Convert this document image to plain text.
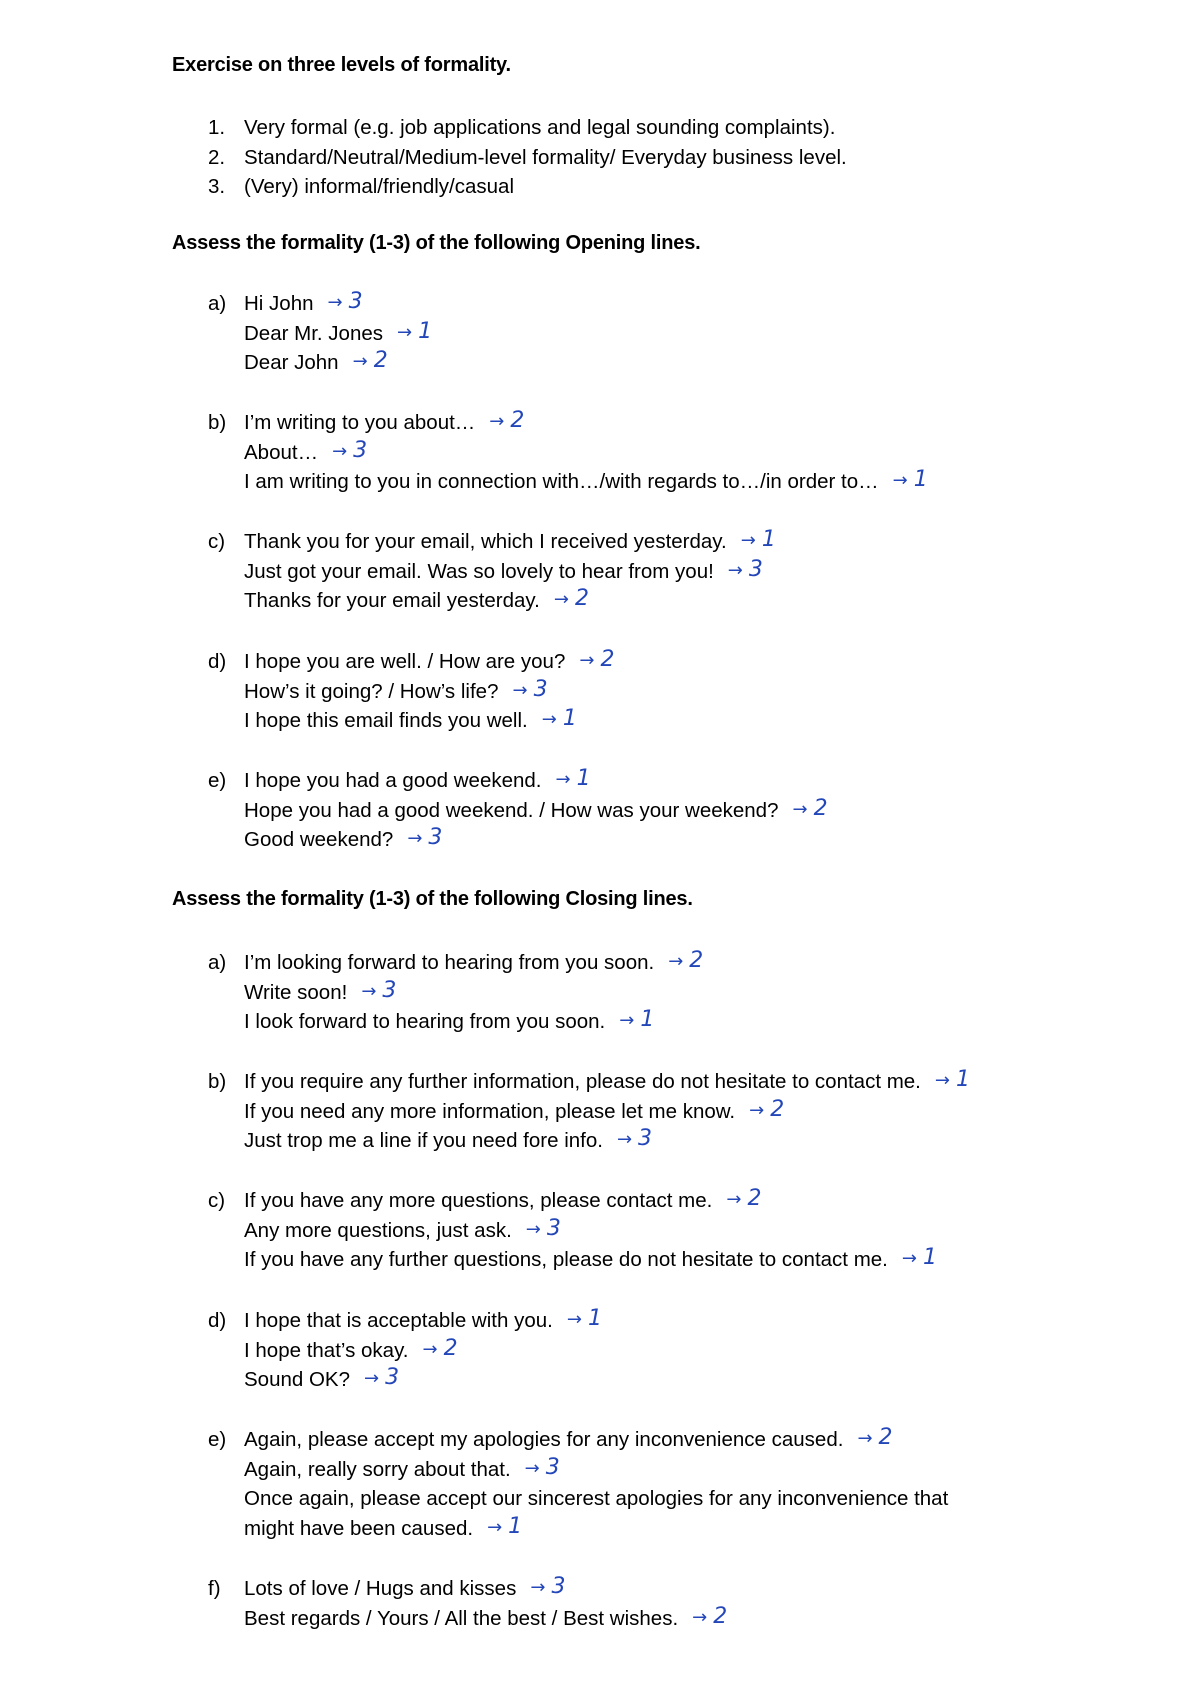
Exercise on three levels of formality.
1. Very formal (e.g. job applications and legal sounding complaints).
2. Standard/Neutral/Medium-level formality/ Everyday business level.
3. (Very) informal/friendly/casual
Assess the formality (1-3) of the following Opening lines.
a) Hi John → 3
Dear Mr. Jones → 1
Dear John → 2
b) I’m writing to you about… → 2
About… → 3
I am writing to you in connection with…/with regards to…/in order to… → 1
c) Thank you for your email, which I received yesterday. → 1
Just got your email. Was so lovely to hear from you! → 3
Thanks for your email yesterday. → 2
d) I hope you are well. / How are you? → 2
How’s it going? / How’s life? → 3
I hope this email finds you well. → 1
e) I hope you had a good weekend. → 1
Hope you had a good weekend. / How was your weekend? → 2
Good weekend? → 3
Assess the formality (1-3) of the following Closing lines.
a) I’m looking forward to hearing from you soon. → 2
Write soon! → 3
I look forward to hearing from you soon. → 1
b) If you require any further information, please do not hesitate to contact me. → 1
If you need any more information, please let me know. → 2
Just trop me a line if you need fore info. → 3
c) If you have any more questions, please contact me. → 2
Any more questions, just ask. → 3
If you have any further questions, please do not hesitate to contact me. → 1
d) I hope that is acceptable with you. → 1
I hope that’s okay. → 2
Sound OK? → 3
e) Again, please accept my apologies for any inconvenience caused. → 2
Again, really sorry about that. → 3
Once again, please accept our sincerest apologies for any inconvenience that
might have been caused. → 1
f) Lots of love / Hugs and kisses → 3
Best regards / Yours / All the best / Best wishes. → 2
